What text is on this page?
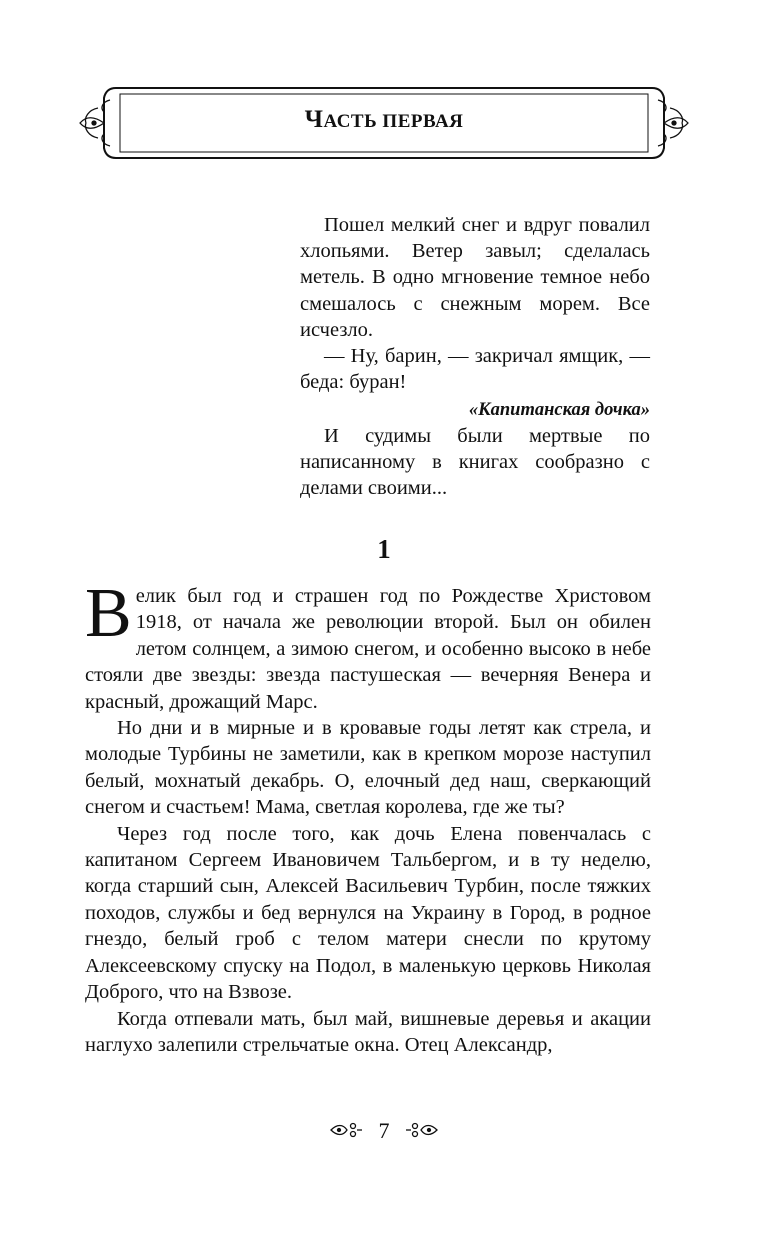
ЧАСТЬ ПЕРВАЯ

Пошел мелкий снег и вдруг повалил хлопьями. Ветер завыл; сделалась метель. В одно мгновение темное небо смешалось с снежным морем. Все исчезло.

— Ну, барин, — закричал ямщик, — беда: буран!

«Капитанская дочка»

И судимы были мертвые по написанному в книгах сообразно с делами своими...

1

Велик был год и страшен год по Рождестве Христовом 1918, от начала же революции второй. Был он обилен летом солнцем, а зимою снегом, и особенно высоко в небе стояли две звезды: звезда пастушеская — вечерняя Венера и красный, дрожащий Марс.

Но дни и в мирные и в кровавые годы летят как стрела, и молодые Турбины не заметили, как в крепком морозе наступил белый, мохнатый декабрь. О, елочный дед наш, сверкающий снегом и счастьем! Мама, светлая королева, где же ты?

Через год после того, как дочь Елена повенчалась с капитаном Сергеем Ивановичем Тальбергом, и в ту неделю, когда старший сын, Алексей Васильевич Турбин, после тяжких походов, службы и бед вернулся на Украину в Город, в родное гнездо, белый гроб с телом матери снесли по крутому Алексеевскому спуску на Подол, в маленькую церковь Николая Доброго, что на Взвозе.

Когда отпевали мать, был май, вишневые деревья и акации наглухо залепили стрельчатые окна. Отец Александр,

7
